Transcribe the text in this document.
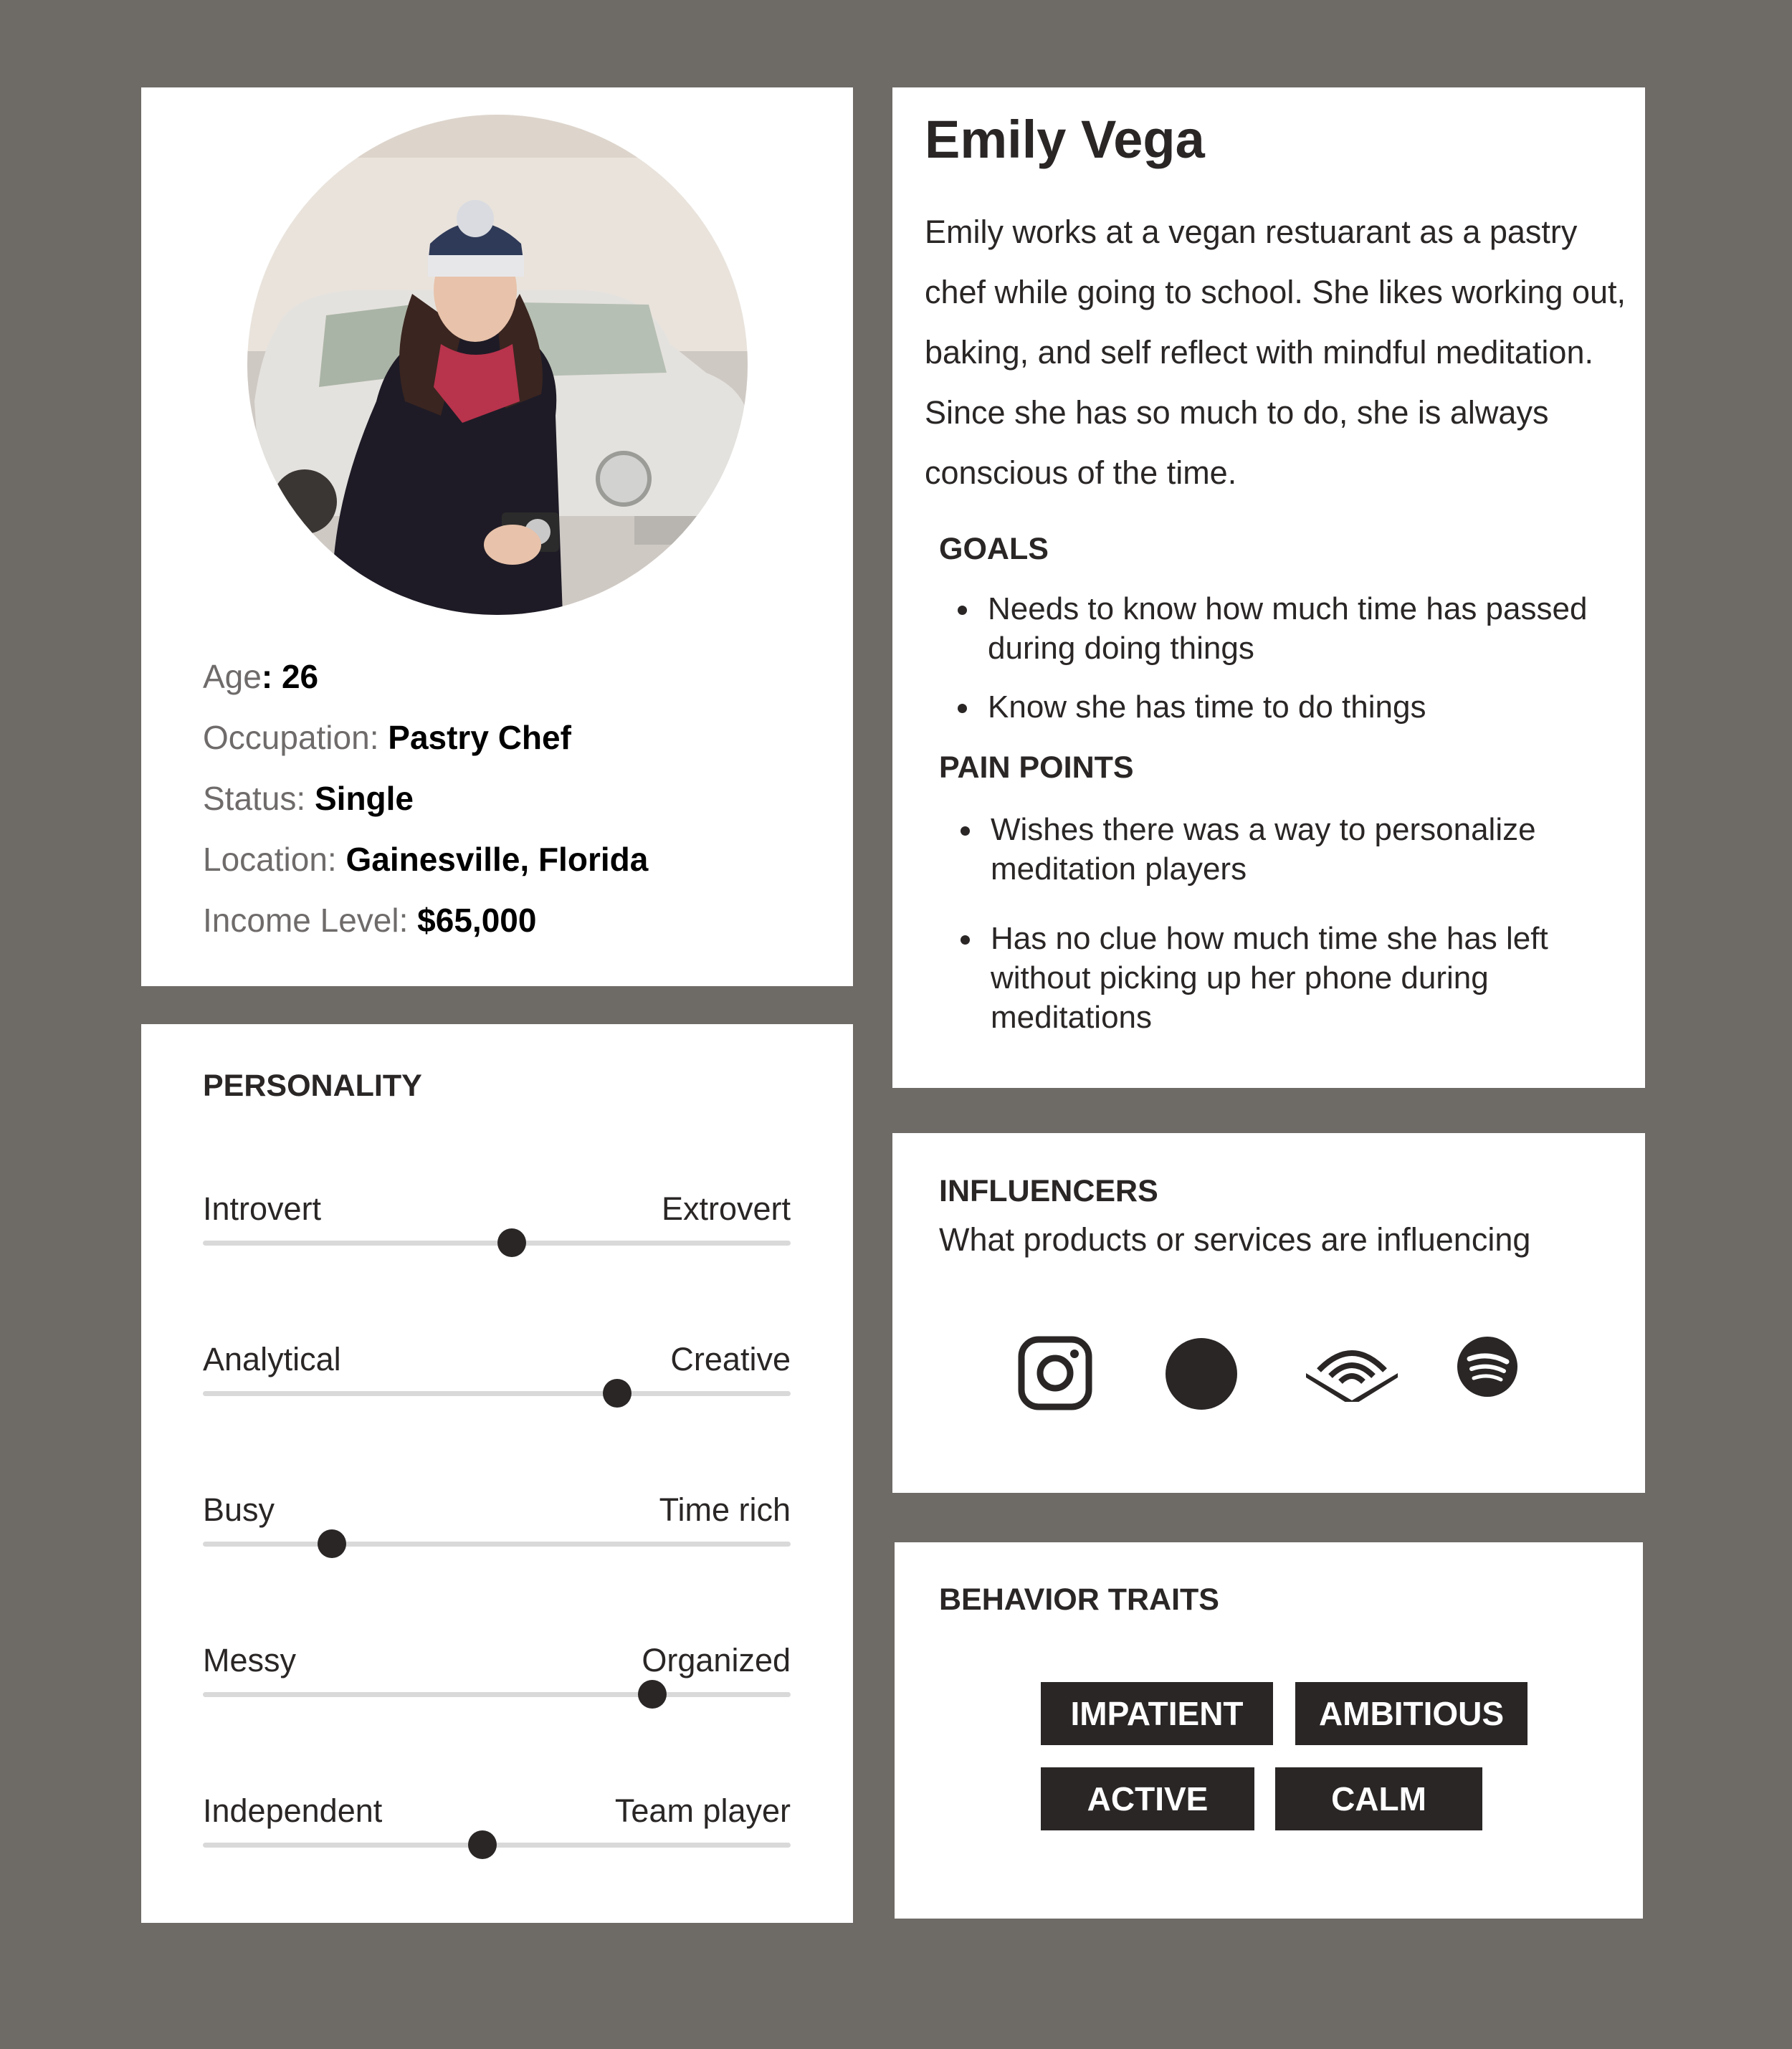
Age: 26
Occupation: Pastry Chef
Status: Single
Location: Gainesville, Florida
Income Level: $65,000
Emily Vega

Emily works at a vegan restuarant as a pastry chef while going to school. She likes working out, baking, and self reflect with mindful meditation. Since she has so much to do, she is always conscious of the time.

GOALS
Needs to know how much time has passed during doing things
Know she has time to do things
PAIN POINTS
Wishes there was a way to personalize meditation players
Has no clue how much time she has left without picking up her phone during meditations
PERSONALITY
Introvert	Extrovert
Analytical	Creative
Busy	Time rich
Messy	Organized
Independent	Team player
INFLUENCERS
What products or services are influencing
BEHAVIOR TRAITS
IMPATIENT	AMBITIOUS
ACTIVE	CALM
